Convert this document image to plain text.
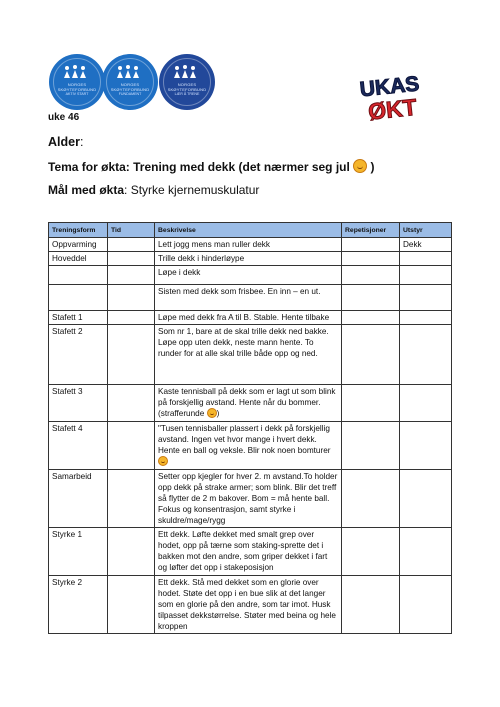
NORGES SKØYTEFORBUND
AKTIV START
NORGES SKØYTEFORBUND
FUNDAMENT
NORGES SKØYTEFORBUND
LÆR Å TRENE	UKAS
ØKT
uke 46
Alder:
Tema for økta: Trening med dekk (det nærmer seg jul )
Mål med økta: Styrke kjernemuskulatur
Treningsform	Tid	Beskrivelse	Repetisjoner	Utstyr
Oppvarming		Lett jogg mens man ruller dekk		Dekk
Hoveddel		Trille dekk i hinderløype		
		Løpe i dekk		
		Sisten med dekk som frisbee. En inn – en ut.		
Stafett 1		Løpe med dekk fra A til B. Stable. Hente tilbake		
Stafett 2		Som nr 1, bare at de skal trille dekk ned bakke. Løpe opp uten dekk, neste mann hente. To runder for at alle skal trille både opp og ned.		
Stafett 3		Kaste tennisball på dekk som er lagt ut som blink på forskjellig avstand. Hente når du bommer. (strafferunde )		
Stafett 4		"Tusen tennisballer plassert i dekk på forskjellig avstand. Ingen vet hvor mange i hvert dekk. Hente en ball og veksle. Blir nok noen bomturer		
Samarbeid		Setter opp kjegler for hver 2. m avstand.To holder opp dekk på strake armer; som blink. Blir det treff så flytter de 2 m bakover. Bom = må hente ball. Fokus og konsentrasjon, samt styrke i skuldre/mage/rygg		
Styrke 1		Ett dekk. Løfte dekket med smalt grep over hodet, opp på tærne som staking-sprette det i bakken mot den andre, som griper dekket i fart og løfter det opp i stakeposisjon		
Styrke 2		Ett dekk. Stå med dekket som en glorie over hodet. Støte det opp i en bue slik at det langer som en glorie på den andre, som tar imot. Husk tilpasset dekkstørrelse. Støter med beina og hele kroppen		
